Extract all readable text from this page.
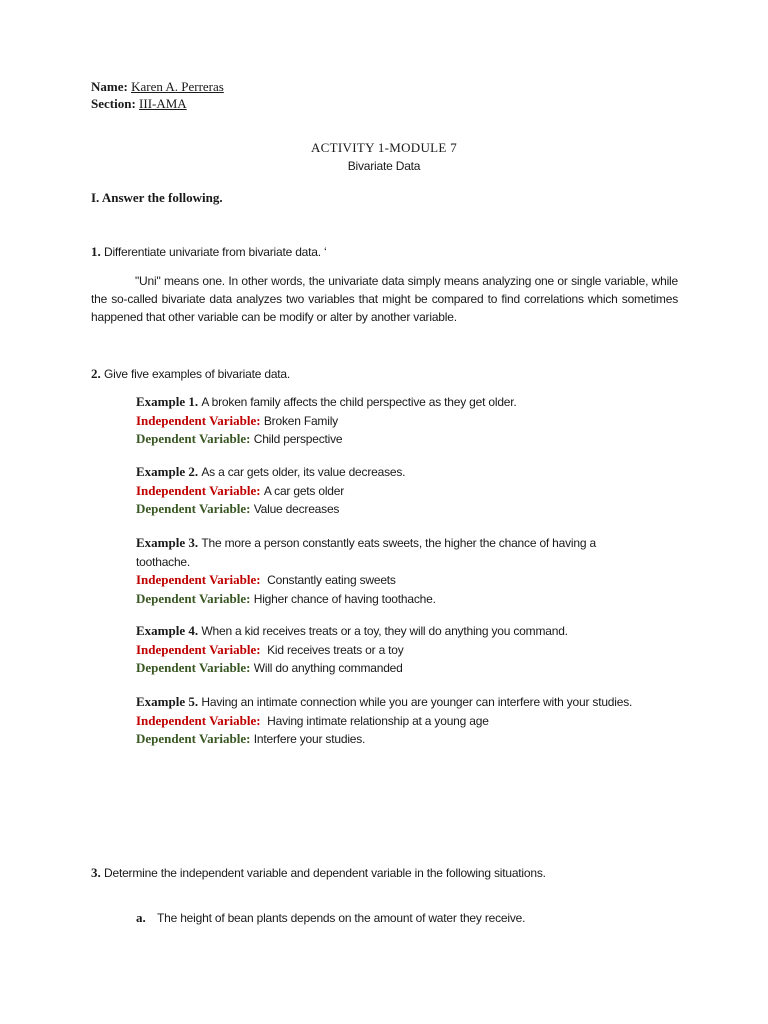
Name: Karen A. Perreras
Section: III-AMA
ACTIVITY 1-MODULE 7
Bivariate Data
I. Answer the following.
1. Differentiate univariate from bivariate data. ‘
"Uni" means one. In other words, the univariate data simply means analyzing one or single variable, while the so-called bivariate data analyzes two variables that might be compared to find correlations which sometimes happened that other variable can be modify or alter by another variable.
2. Give five examples of bivariate data.
Example 1. A broken family affects the child perspective as they get older.
Independent Variable: Broken Family
Dependent Variable: Child perspective
Example 2. As a car gets older, its value decreases.
Independent Variable: A car gets older
Dependent Variable: Value decreases
Example 3. The more a person constantly eats sweets, the higher the chance of having a toothache.
Independent Variable: Constantly eating sweets
Dependent Variable: Higher chance of having toothache.
Example 4. When a kid receives treats or a toy, they will do anything you command.
Independent Variable: Kid receives treats or a toy
Dependent Variable: Will do anything commanded
Example 5. Having an intimate connection while you are younger can interfere with your studies.
Independent Variable: Having intimate relationship at a young age
Dependent Variable: Interfere your studies.
3. Determine the independent variable and dependent variable in the following situations.
a. The height of bean plants depends on the amount of water they receive.
